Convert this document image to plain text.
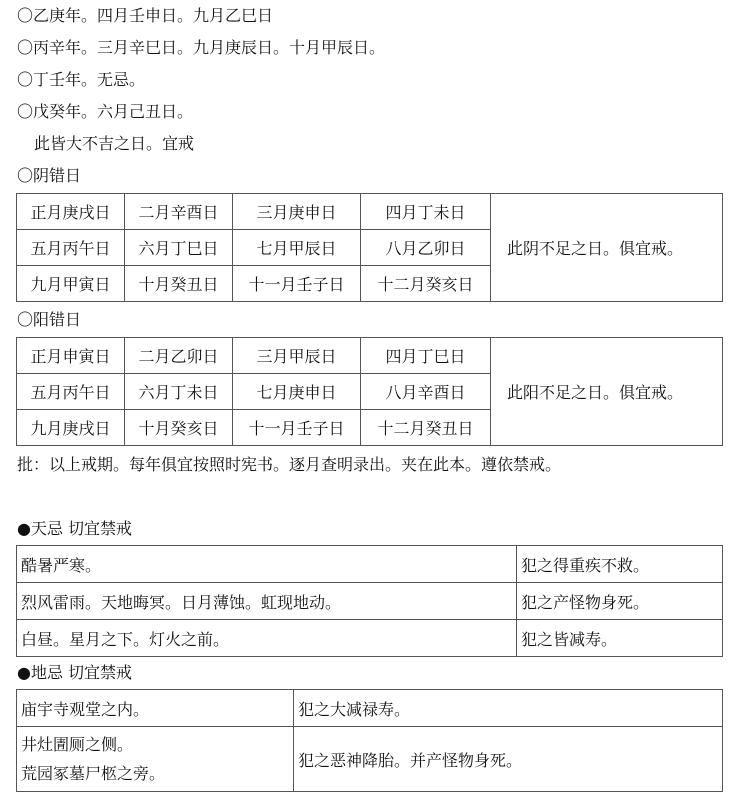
〇乙庚年。四月壬申日。九月乙巳日
〇丙辛年。三月辛巳日。九月庚辰日。十月甲辰日。
〇丁壬年。无忌。
〇戊癸年。六月己丑日。
此皆大不吉之日。宜戒
〇阴错日
正月庚戌日	二月辛酉日	三月庚申日	四月丁未日	此阴不足之日。俱宜戒。
五月丙午日	六月丁巳日	七月甲辰日	八月乙卯日	
九月甲寅日	十月癸丑日	十一月壬子日	十二月癸亥日	
〇阳错日
正月申寅日	二月乙卯日	三月甲辰日	四月丁巳日	此阳不足之日。俱宜戒。
五月丙午日	六月丁未日	七月庚申日	八月辛酉日	
九月庚戌日	十月癸亥日	十一月壬子日	十二月癸丑日	
批：以上戒期。每年俱宜按照时宪书。逐月查明录出。夹在此本。遵依禁戒。
●天忌 切宜禁戒
酷暑严寒。	犯之得重疾不救。
烈风雷雨。天地晦冥。日月薄蚀。虹现地动。	犯之产怪物身死。
白昼。星月之下。灯火之前。	犯之皆减寿。
●地忌 切宜禁戒
庙宇寺观堂之内。	犯之大减禄寿。

井灶圊厕之侧。
荒园冢墓尸柩之旁。	犯之恶神降胎。并产怪物身死。
